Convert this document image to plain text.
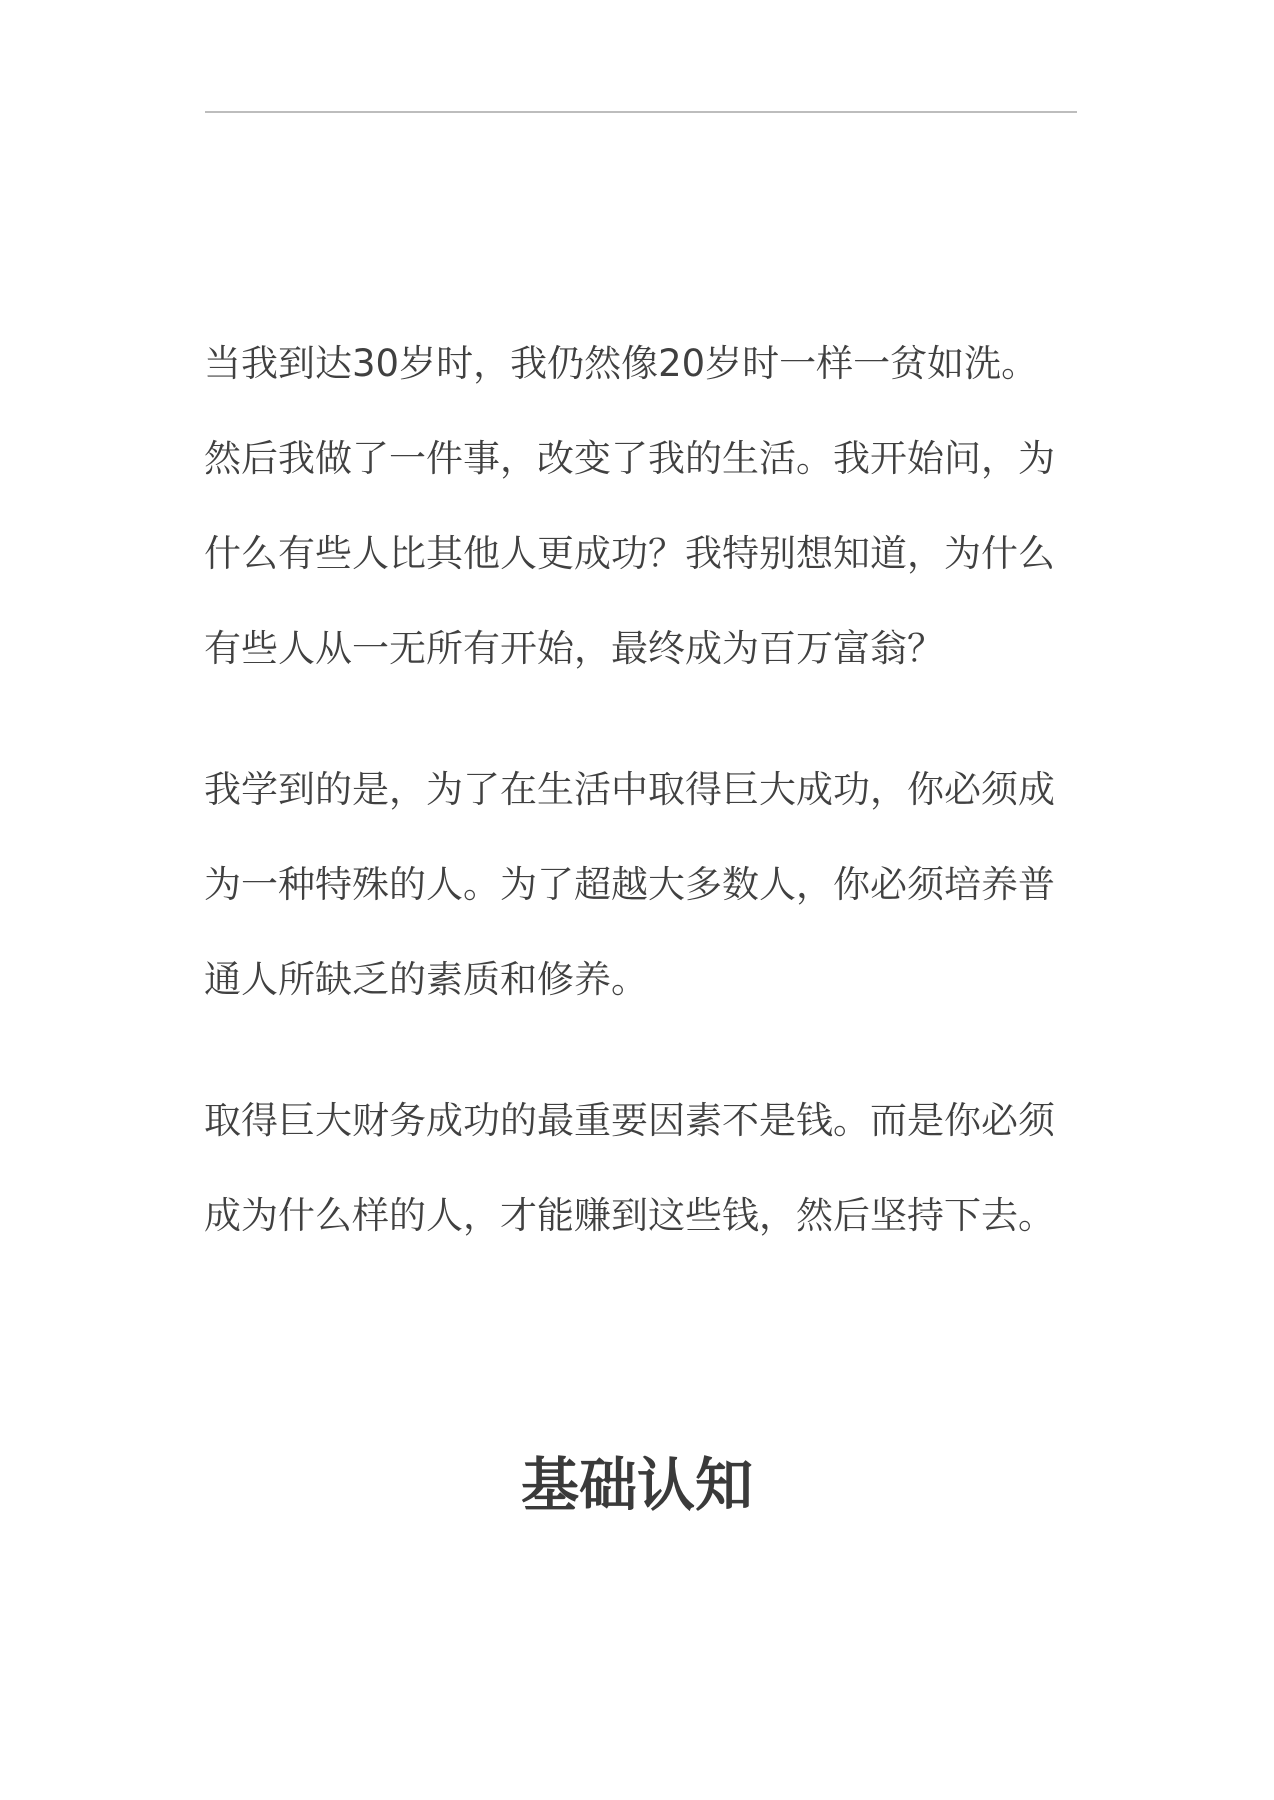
当我到达30岁时，我仍然像20岁时一样一贫如洗。
然后我做了一件事，改变了我的生活。我开始问，为
什么有些人比其他人更成功？我特别想知道，为什么
有些人从一无所有开始，最终成为百万富翁？
我学到的是，为了在生活中取得巨大成功，你必须成
为一种特殊的人。为了超越大多数人，你必须培养普
通人所缺乏的素质和修养。
取得巨大财务成功的最重要因素不是钱。而是你必须
成为什么样的人，才能赚到这些钱，然后坚持下去。
基础认知
